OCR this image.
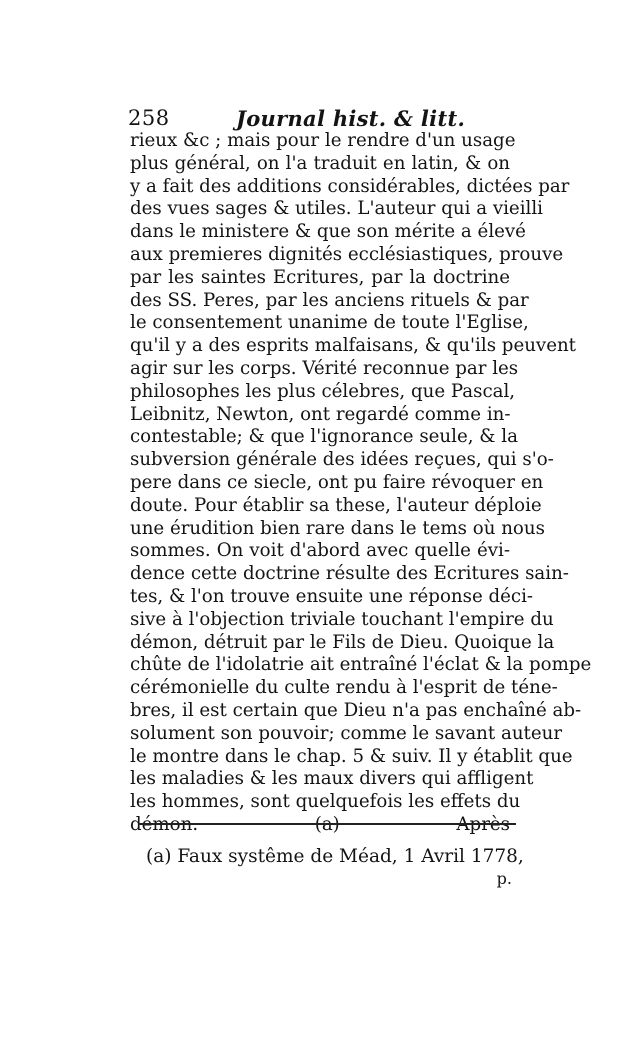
258	Journal hist. & litt.
rieux &c ; mais pour le rendre d'un usage
plus général, on l'a traduit en latin, & on
y a fait des additions considérables, dictées par
des vues sages & utiles. L'auteur qui a vieilli
dans le ministere & que son mérite a élevé
aux premieres dignités ecclésiastiques, prouve
par les saintes Ecritures, par la doctrine
des SS. Peres, par les anciens rituels & par
le consentement unanime de toute l'Eglise,
qu'il y a des esprits malfaisans, & qu'ils peuvent
agir sur les corps. Vérité reconnue par les
philosophes les plus célebres, que Pascal,
Leibnitz, Newton, ont regardé comme in-
contestable; & que l'ignorance seule, & la
subversion générale des idées reçues, qui s'o-
pere dans ce siecle, ont pu faire révoquer en
doute. Pour établir sa these, l'auteur déploie
une érudition bien rare dans le tems où nous
sommes. On voit d'abord avec quelle évi-
dence cette doctrine résulte des Ecritures sain-
tes, & l'on trouve ensuite une réponse déci-
sive à l'objection triviale touchant l'empire du
démon, détruit par le Fils de Dieu. Quoique la
chûte de l'idolatrie ait entraîné l'éclat & la pompe
cérémonielle du culte rendu à l'esprit de téne-
bres, il est certain que Dieu n'a pas enchaîné ab-
solument son pouvoir; comme le savant auteur
le montre dans le chap. 5 & suiv. Il y établit que
les maladies & les maux divers qui affligent
les hommes, sont quelquefois les effets du
démon. (a) Après
(a) Faux systême de Méad, 1 Avril 1778,
p.
